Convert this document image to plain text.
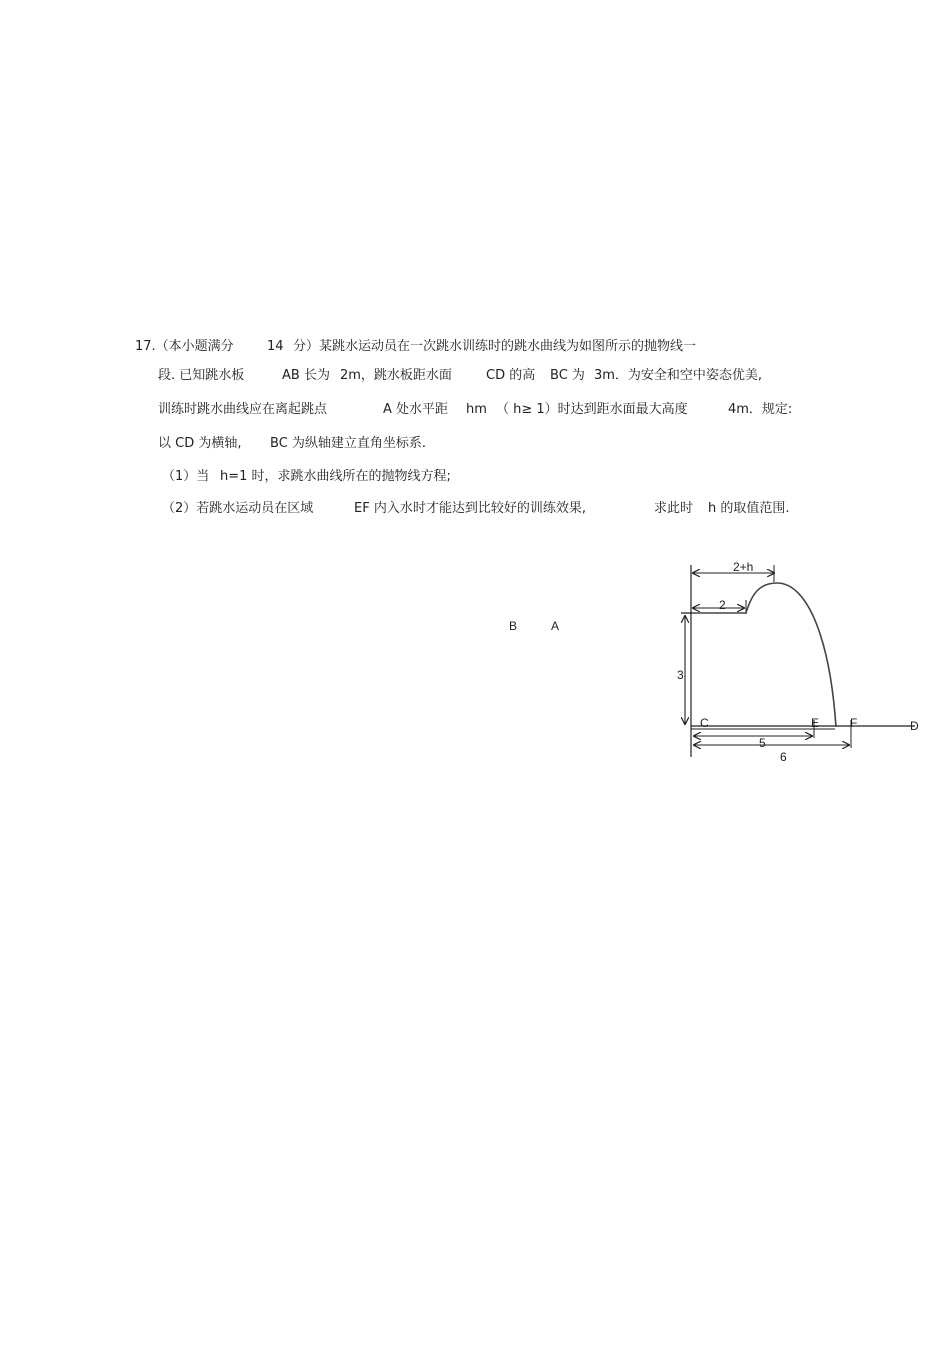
17.（本小题满分	14 分）某跳水运动员在一次跳水训练时的跳水曲线为如图所示的抛物线一
段. 已知跳水板	AB 长为 2m，跳水板距水面	CD 的高 BC 为 3m．为安全和空中姿态优美,
训练时跳水曲线应在离起跳点	A 处水平距 hm （ h≥ 1）时达到距水面最大高度	4m．规定:
以 CD 为横轴, BC 为纵轴建立直角坐标系.
（1）当 h=1 时，求跳水曲线所在的抛物线方程;
（2）若跳水运动员在区域	EF 内入水时才能达到比较好的训练效果,	求此时 h 的取值范围.
B	A
2+h
2
3
5
6
C	E	F	D
